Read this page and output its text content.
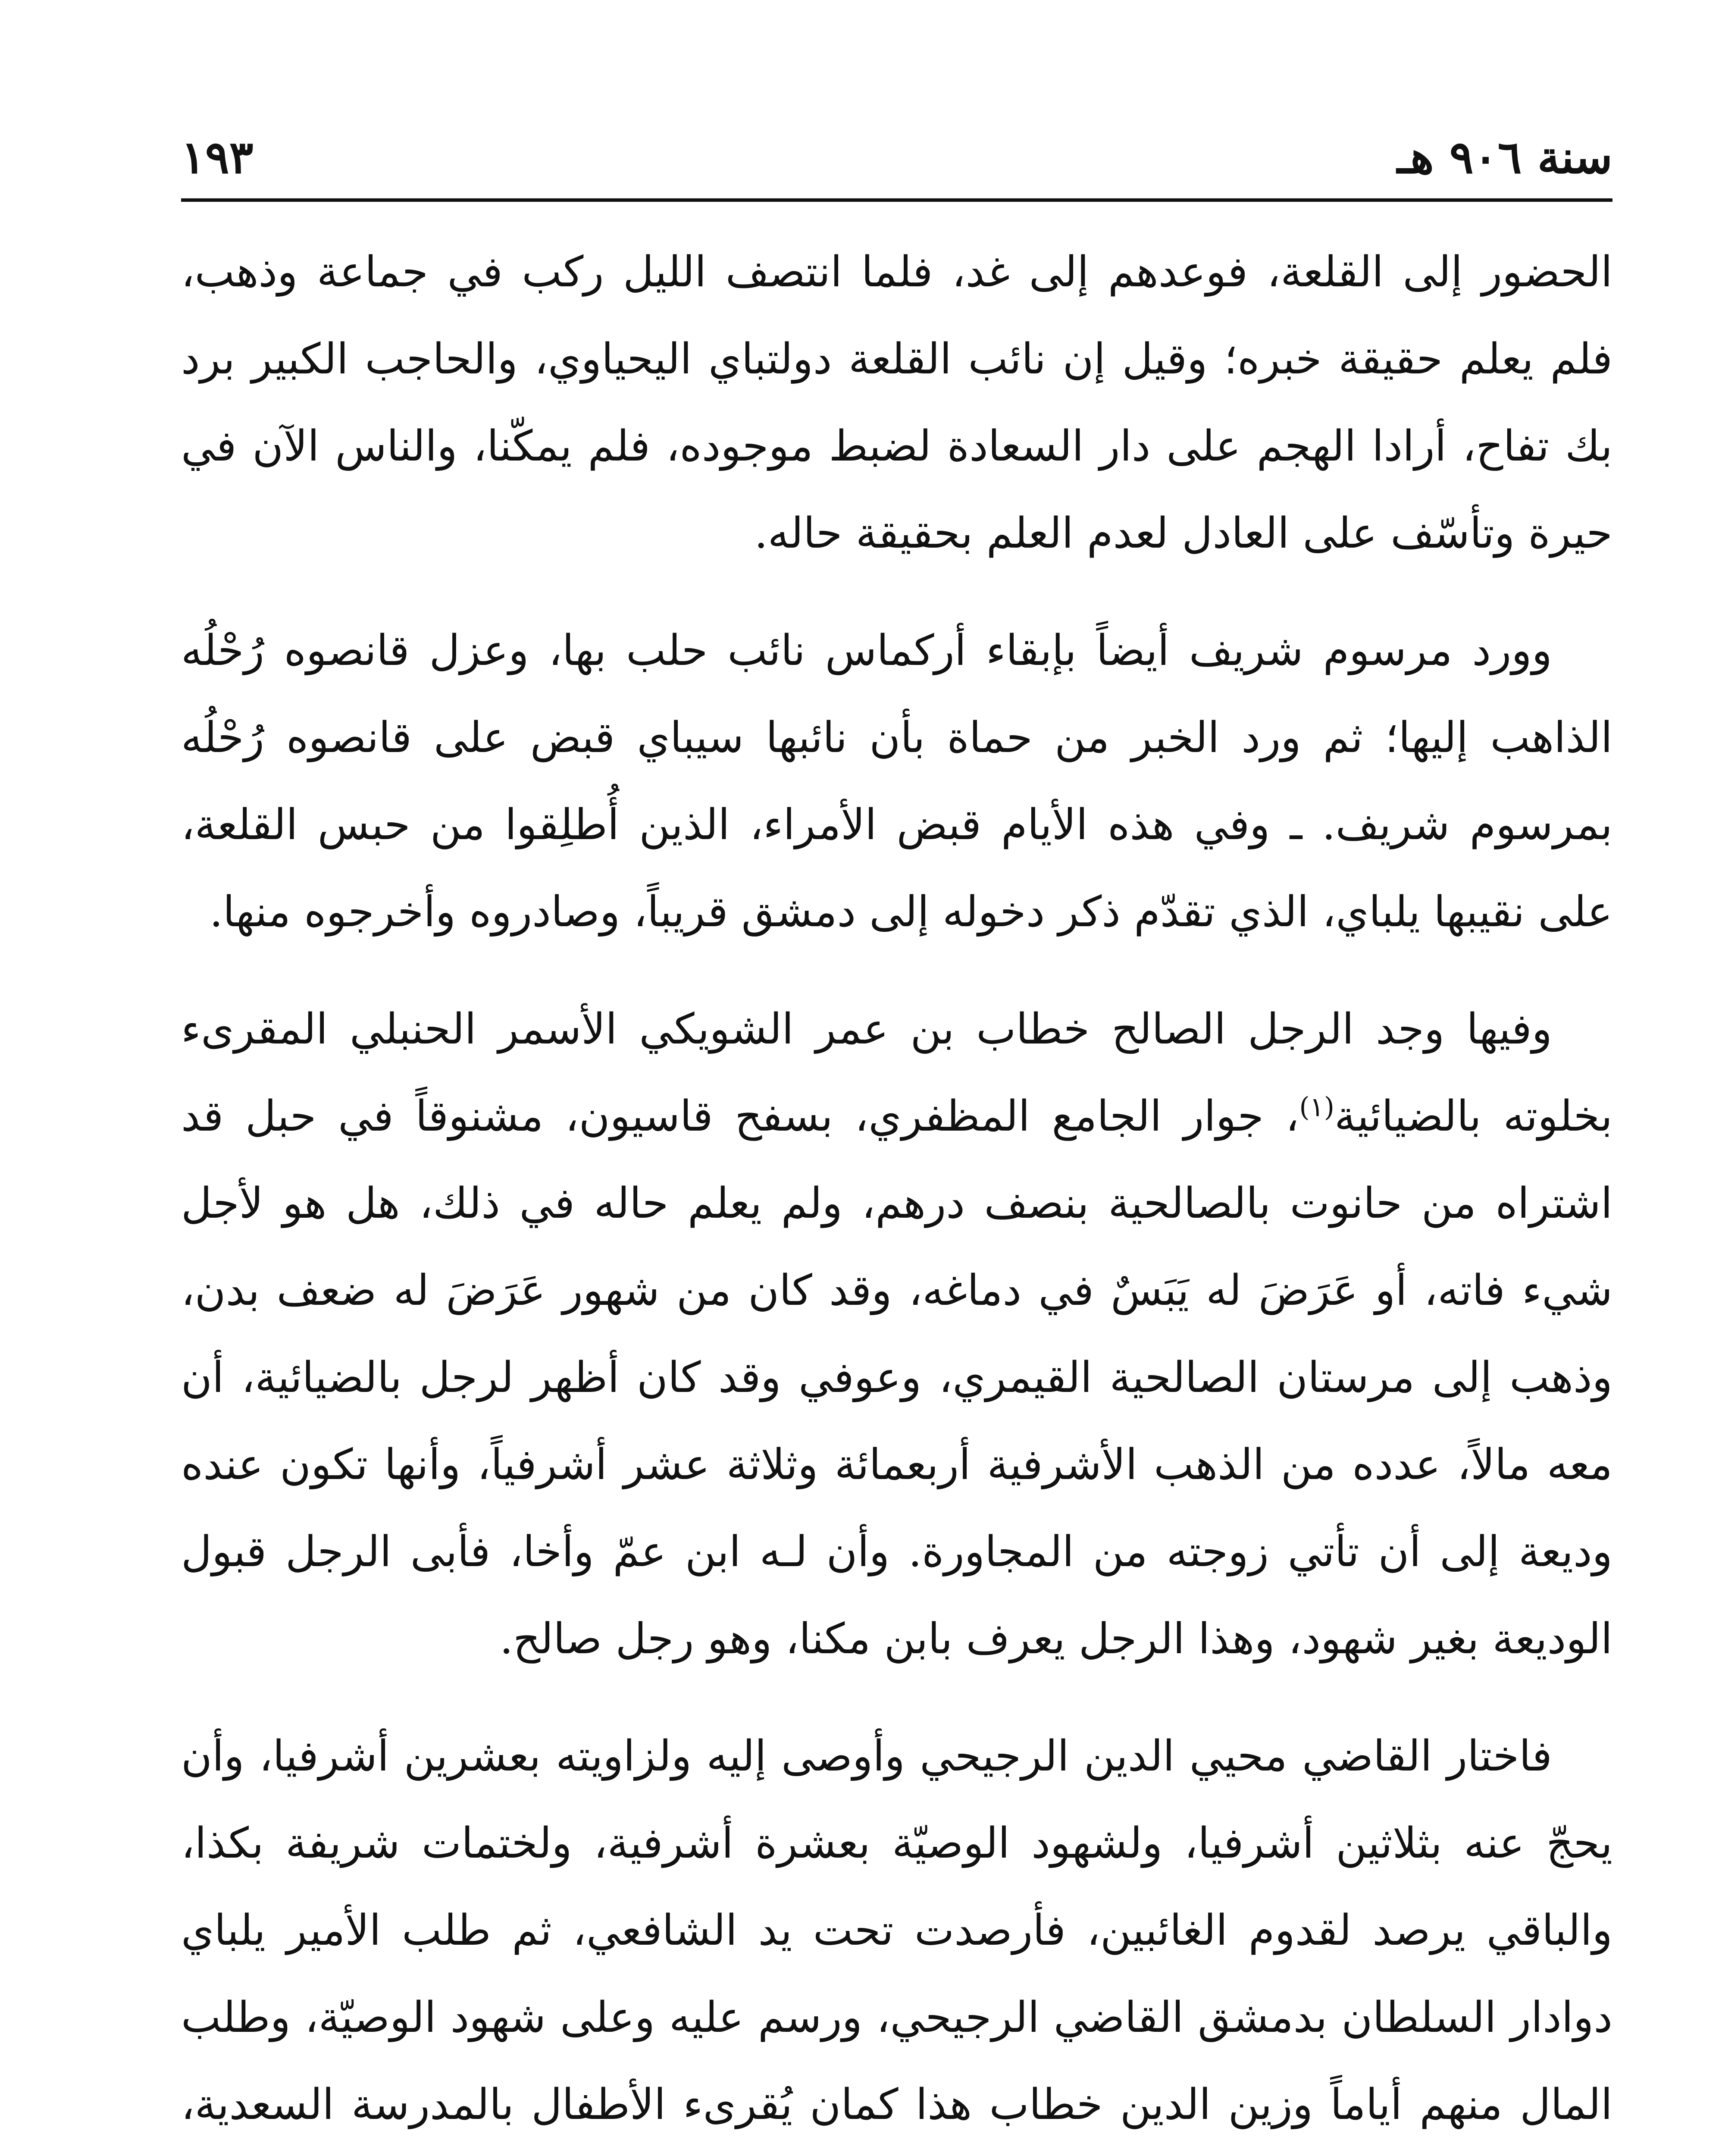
سنة ٩٠٦ هـ
١٩٣

الحضور إلى القلعة، فوعدهم إلى غد، فلما انتصف الليل ركب في جماعة وذهب، فلم يعلم حقيقة خبره؛ وقيل إن نائب القلعة دولتباي اليحياوي، والحاجب الكبير برد بك تفاح، أرادا الهجم على دار السعادة لضبط موجوده، فلم يمكّنا، والناس الآن في حيرة وتأسّف على العادل لعدم العلم بحقيقة حاله.

وورد مرسوم شريف أيضاً بإبقاء أركماس نائب حلب بها، وعزل قانصوه رُحْلُه الذاهب إليها؛ ثم ورد الخبر من حماة بأن نائبها سيباي قبض على قانصوه رُحْلُه بمرسوم شريف. ـ وفي هذه الأيام قبض الأمراء، الذين أُطلِقوا من حبس القلعة، على نقيبها يلباي، الذي تقدّم ذكر دخوله إلى دمشق قريباً، وصادروه وأخرجوه منها.

وفيها وجد الرجل الصالح خطاب بن عمر الشويكي الأسمر الحنبلي المقرىء بخلوته بالضيائية$^{(١)}$، جوار الجامع المظفري، بسفح قاسيون، مشنوقاً في حبل قد اشتراه من حانوت بالصالحية بنصف درهم، ولم يعلم حاله في ذلك، هل هو لأجل شيء فاته، أو عَرَضَ له يَبَسٌ في دماغه، وقد كان من شهور عَرَضَ له ضعف بدن، وذهب إلى مرستان الصالحية القيمري، وعوفي وقد كان أظهر لرجل بالضيائية، أن معه مالاً، عدده من الذهب الأشرفية أربعمائة وثلاثة عشر أشرفياً، وأنها تكون عنده وديعة إلى أن تأتي زوجته من المجاورة. وأن لـه ابن عمّ وأخا، فأبى الرجل قبول الوديعة بغير شهود، وهذا الرجل يعرف بابن مكنا، وهو رجل صالح.

فاختار القاضي محيي الدين الرجيحي وأوصى إليه ولزاويته بعشرين أشرفيا، وأن يحجّ عنه بثلاثين أشرفيا، ولشهود الوصيّة بعشرة أشرفية، ولختمات شريفة بكذا، والباقي يرصد لقدوم الغائبين، فأرصدت تحت يد الشافعي، ثم طلب الأمير يلباي دوادار السلطان بدمشق القاضي الرجيحي، ورسم عليه وعلى شهود الوصيّة، وطلب المال منهم أياماً وزين الدين خطاب هذا كمان يُقرىء الأطفال بالمدرسة السعدية،
